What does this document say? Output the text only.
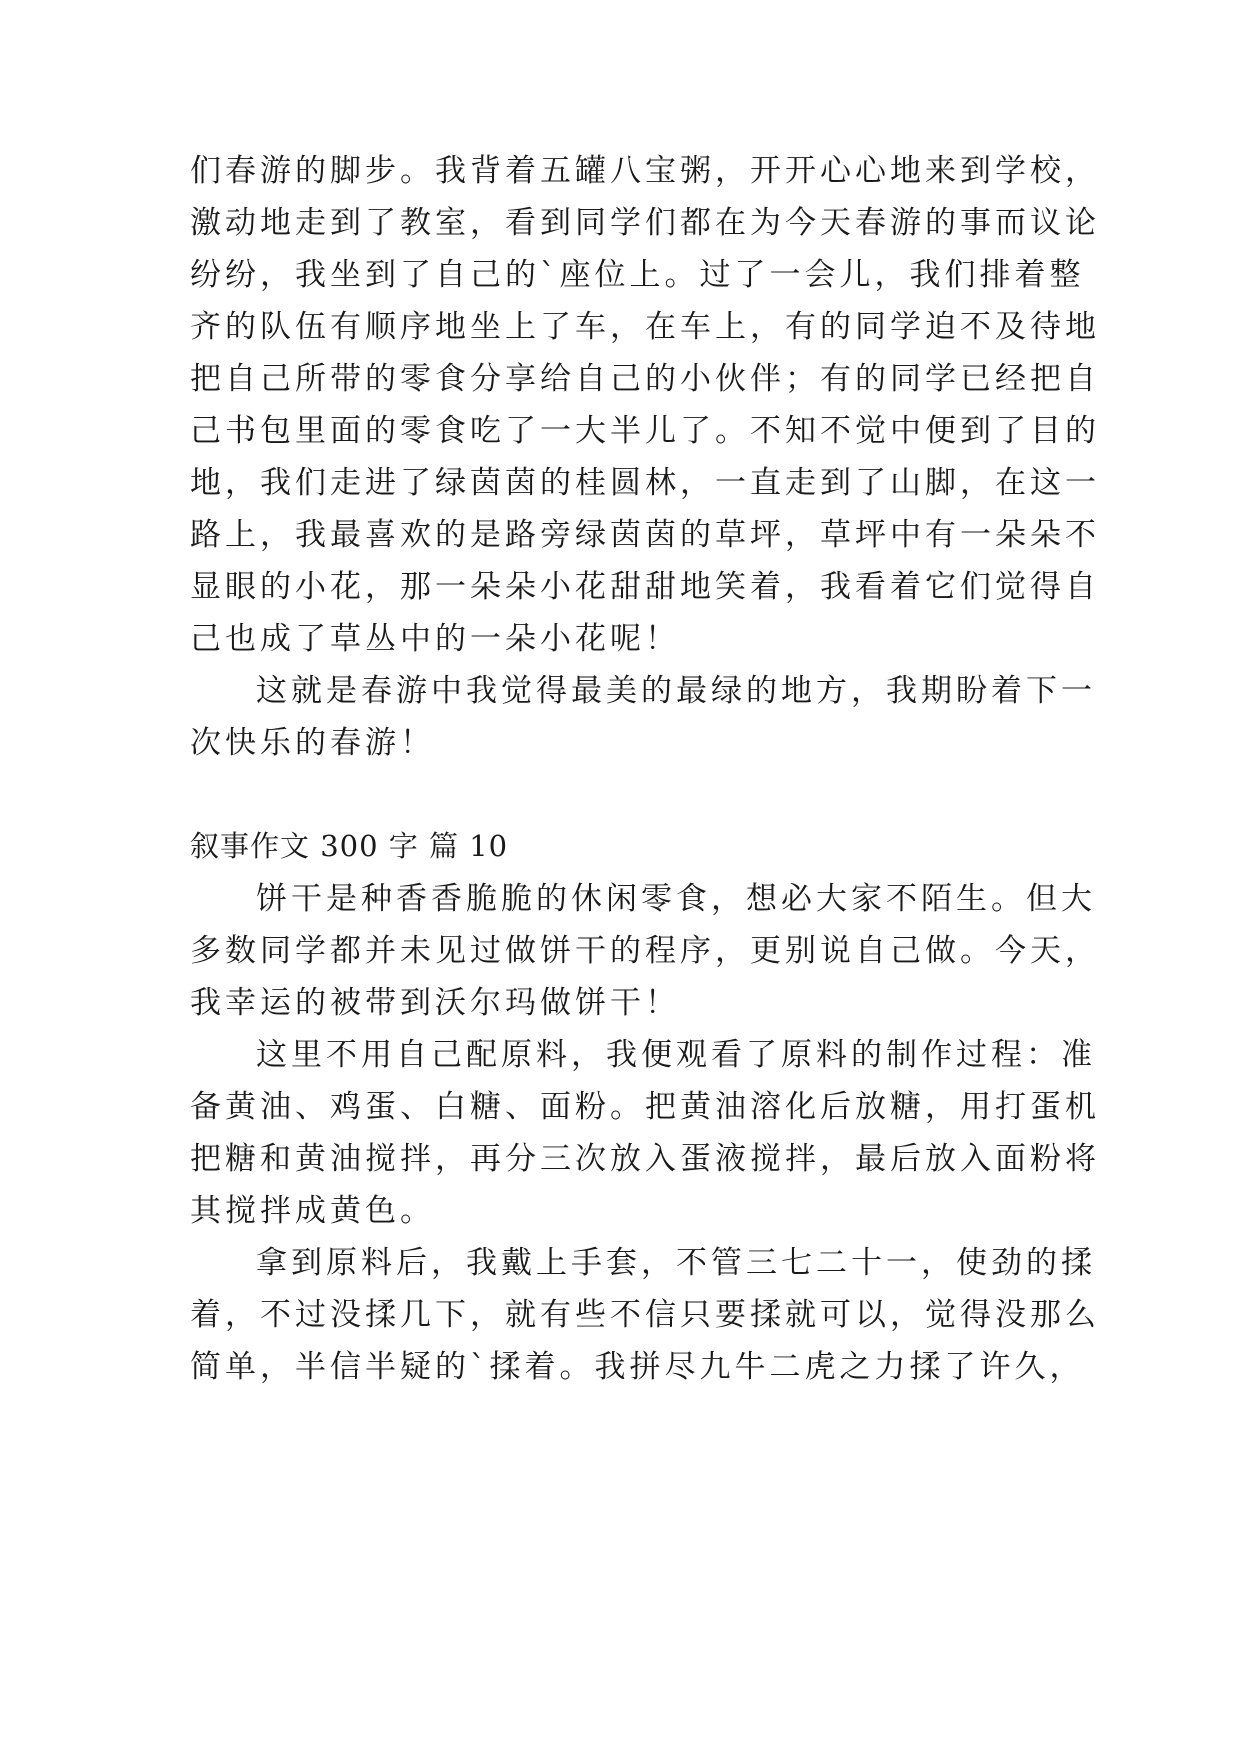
们春游的脚步。我背着五罐八宝粥，开开心心地来到学校，
激动地走到了教室，看到同学们都在为今天春游的事而议论
纷纷，我坐到了自己的`座位上。过了一会儿，我们排着整
齐的队伍有顺序地坐上了车，在车上，有的同学迫不及待地
把自己所带的零食分享给自己的小伙伴；有的同学已经把自
己书包里面的零食吃了一大半儿了。不知不觉中便到了目的
地，我们走进了绿茵茵的桂圆林，一直走到了山脚，在这一
路上，我最喜欢的是路旁绿茵茵的草坪，草坪中有一朵朵不
显眼的小花，那一朵朵小花甜甜地笑着，我看着它们觉得自
己也成了草丛中的一朵小花呢！
这就是春游中我觉得最美的最绿的地方，我期盼着下一
次快乐的春游！
叙事作文 300 字 篇 10
饼干是种香香脆脆的休闲零食，想必大家不陌生。但大
多数同学都并未见过做饼干的程序，更别说自己做。今天，
我幸运的被带到沃尔玛做饼干！
这里不用自己配原料，我便观看了原料的制作过程：准
备黄油、鸡蛋、白糖、面粉。把黄油溶化后放糖，用打蛋机
把糖和黄油搅拌，再分三次放入蛋液搅拌，最后放入面粉将
其搅拌成黄色。
拿到原料后，我戴上手套，不管三七二十一，使劲的揉
着，不过没揉几下，就有些不信只要揉就可以，觉得没那么
简单，半信半疑的`揉着。我拼尽九牛二虎之力揉了许久，
